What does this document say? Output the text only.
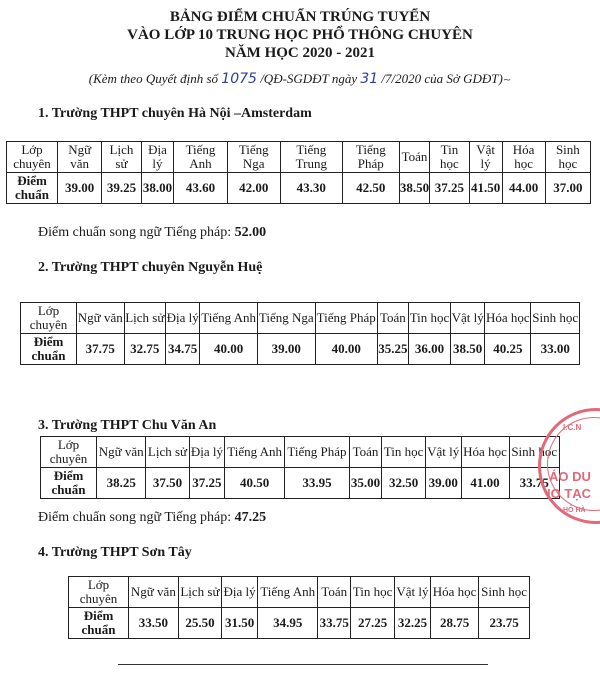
BẢNG ĐIỂM CHUẨN TRÚNG TUYỂN
VÀO LỚP 10 TRUNG HỌC PHỔ THÔNG CHUYÊN
NĂM HỌC 2020 - 2021
(Kèm theo Quyết định số 1075 /QĐ-SGDĐT ngày 31 /7/2020 của Sở GDĐT)~
1. Trường THPT chuyên Hà Nội –Amsterdam
Lớp chuyên	Ngữ văn	Lịch sử	Địa lý	Tiếng Anh	Tiếng Nga	Tiếng Trung	Tiếng Pháp	Toán	Tin học	Vật lý	Hóa học	Sinh học
Điểm chuẩn	39.00	39.25	38.00	43.60	42.00	43.30	42.50	38.50	37.25	41.50	44.00	37.00
Điểm chuẩn song ngữ Tiếng pháp: 52.00
2. Trường THPT chuyên Nguyễn Huệ
Lớp chuyên	Ngữ văn	Lịch sử	Địa lý	Tiếng Anh	Tiếng Nga	Tiếng Pháp	Toán	Tin học	Vật lý	Hóa học	Sinh học
Điểm chuẩn	37.75	32.75	34.75	40.00	39.00	40.00	35.25	36.00	38.50	40.25	33.00
3. Trường THPT Chu Văn An
Lớp chuyên	Ngữ văn	Lịch sử	Địa lý	Tiếng Anh	Tiếng Pháp	Toán	Tin học	Vật lý	Hóa học	Sinh học
Điểm chuẩn	38.25	37.50	37.25	40.50	33.95	35.00	32.50	39.00	41.00	33.75
Điểm chuẩn song ngữ Tiếng pháp: 47.25
4. Trường THPT Sơn Tây
Lớp chuyên	Ngữ văn	Lịch sử	Địa lý	Tiếng Anh	Toán	Tin học	Vật lý	Hóa học	Sinh học
Điểm chuẩn	33.50	25.50	31.50	34.95	33.75	27.25	32.25	28.75	23.75
I.C.N
ÁO DU
IO TẠC
HÔ HÀ
